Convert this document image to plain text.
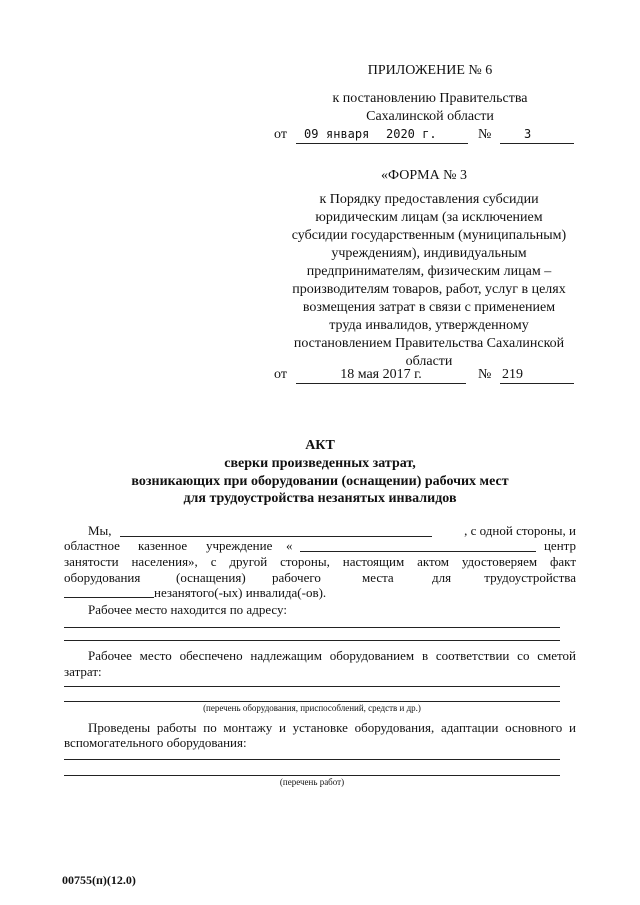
ПРИЛОЖЕНИЕ № 6
к постановлению Правительства
Сахалинской области
от 09 января 2020 г.	№	3
«ФОРМА № 3
к Порядку предоставления субсидии
юридическим лицам (за исключением
субсидии государственным (муниципальным)
учреждениям), индивидуальным
предпринимателям, физическим лицам –
производителям товаров, работ, услуг в целях
возмещения затрат в связи с применением
труда инвалидов, утвержденному
постановлением Правительства Сахалинской
области
от	18 мая 2017 г.	№ 219
АКТ
сверки произведенных затрат,
возникающих при оборудовании (оснащении) рабочих мест
для трудоустройства незанятых инвалидов
Мы,	, с одной стороны, и
областное казенное учреждение «	центр
занятости населения», с другой стороны, настоящим актом удостоверяем факт
оборудования	(оснащения) рабочего	места	для	трудоустройства
незанятого(-ых) инвалида(-ов).
Рабочее место находится по адресу:
Рабочее место обеспечено надлежащим оборудованием в соответствии со сметой
затрат:
(перечень оборудования, приспособлений, средств и др.)
Проведены работы по монтажу и установке оборудования, адаптации основного и
вспомогательного оборудования:
(перечень работ)
00755(п)(12.0)
